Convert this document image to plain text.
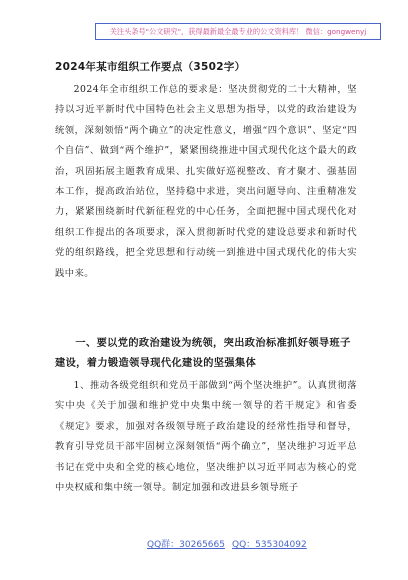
关注头条号"公文研究"，获得最新最全最专业的公文资料库！ 微信：gongwenyj
2024年某市组织工作要点（3502字）
2024年全市组织工作总的要求是：坚决贯彻党的二十大精神，坚持以习近平新时代中国特色社会主义思想为指导，以党的政治建设为统领，深刻领悟“两个确立”的决定性意义，增强“四个意识”、坚定“四个自信”、做到“两个维护”，紧紧围绕推进中国式现代化这个最大的政治，巩固拓展主题教育成果、扎实做好巡视整改、育才聚才、强基固本工作，提高政治站位，坚持稳中求进，突出问题导向、注重精准发力，紧紧围绕新时代新征程党的中心任务，全面把握中国式现代化对组织工作提出的各项要求，深入贯彻新时代党的建设总要求和新时代党的组织路线，把全党思想和行动统一到推进中国式现代化的伟大实践中来。
一、要以党的政治建设为统领，突出政治标准抓好领导班子建设，着力锻造领导现代化建设的坚强集体
1、推动各级党组织和党员干部做到“两个坚决维护”。认真贯彻落实中央《关于加强和维护党中央集中统一领导的若干规定》和省委《规定》要求，加强对各级领导班子政治建设的经常性指导和督导，教育引导党员干部牢固树立深刻领悟“两个确立”，坚决维护习近平总书记在党中央和全党的核心地位，坚决维护以习近平同志为核心的党中央权威和集中统一领导。制定加强和改进县乡领导班子
QQ群：30265665 QQ：535304092
